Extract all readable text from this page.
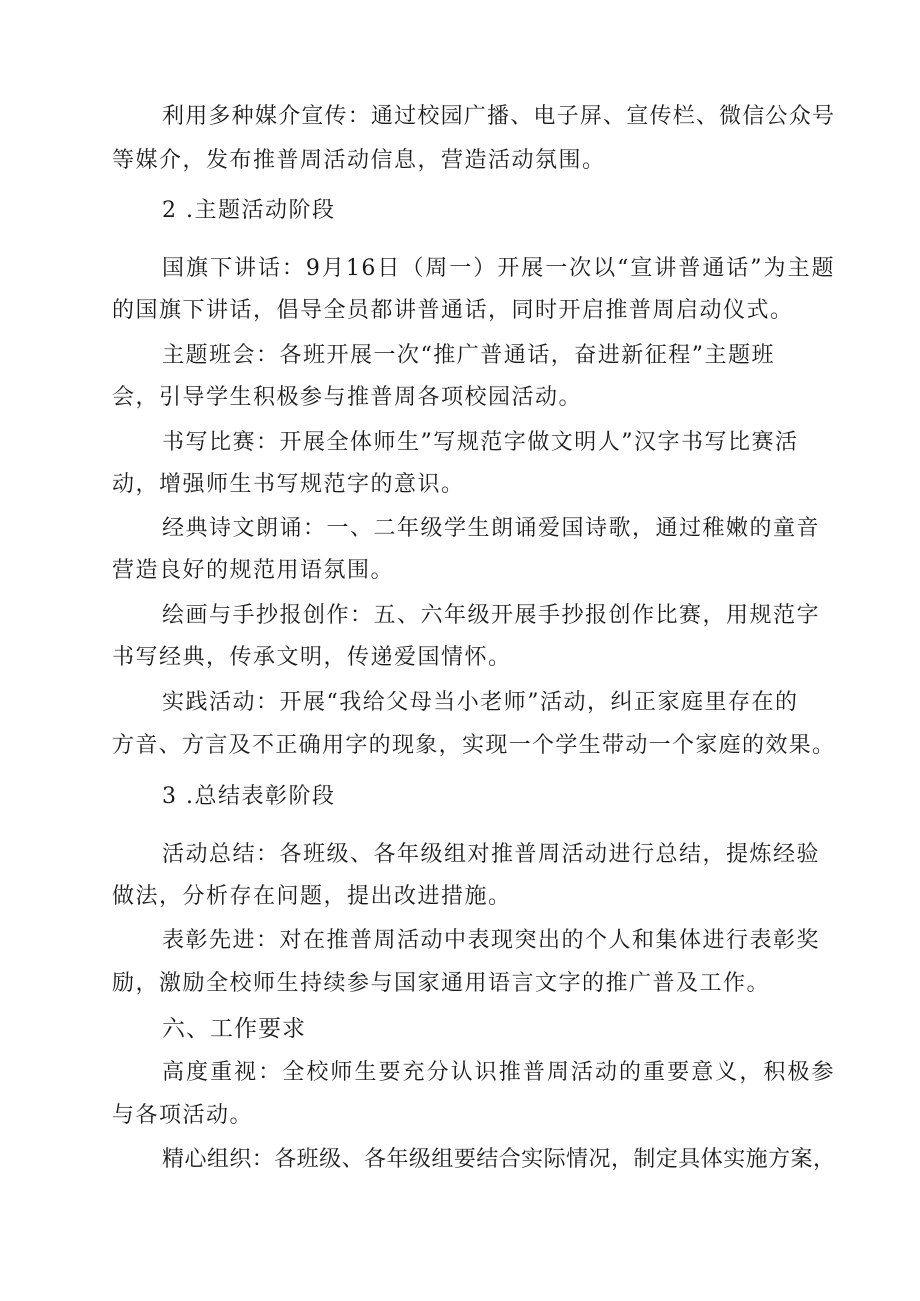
利用多种媒介宣传：通过校园广播、电子屏、宣传栏、微信公众号
等媒介，发布推普周活动信息，营造活动氛围。
2 .主题活动阶段
国旗下讲话：9月16日（周一）开展一次以“宣讲普通话”为主题
的国旗下讲话，倡导全员都讲普通话，同时开启推普周启动仪式。
主题班会：各班开展一次“推广普通话，奋进新征程”主题班
会，引导学生积极参与推普周各项校园活动。
书写比赛：开展全体师生”写规范字做文明人”汉字书写比赛活
动，增强师生书写规范字的意识。
经典诗文朗诵：一、二年级学生朗诵爱国诗歌，通过稚嫩的童音
营造良好的规范用语氛围。
绘画与手抄报创作：五、六年级开展手抄报创作比赛，用规范字
书写经典，传承文明，传递爱国情怀。
实践活动：开展“我给父母当小老师”活动，纠正家庭里存在的
方音、方言及不正确用字的现象，实现一个学生带动一个家庭的效果。
3 .总结表彰阶段
活动总结：各班级、各年级组对推普周活动进行总结，提炼经验
做法，分析存在问题，提出改进措施。
表彰先进：对在推普周活动中表现突出的个人和集体进行表彰奖
励，激励全校师生持续参与国家通用语言文字的推广普及工作。
六、工作要求
高度重视：全校师生要充分认识推普周活动的重要意义，积极参
与各项活动。
精心组织：各班级、各年级组要结合实际情况，制定具体实施方案，
